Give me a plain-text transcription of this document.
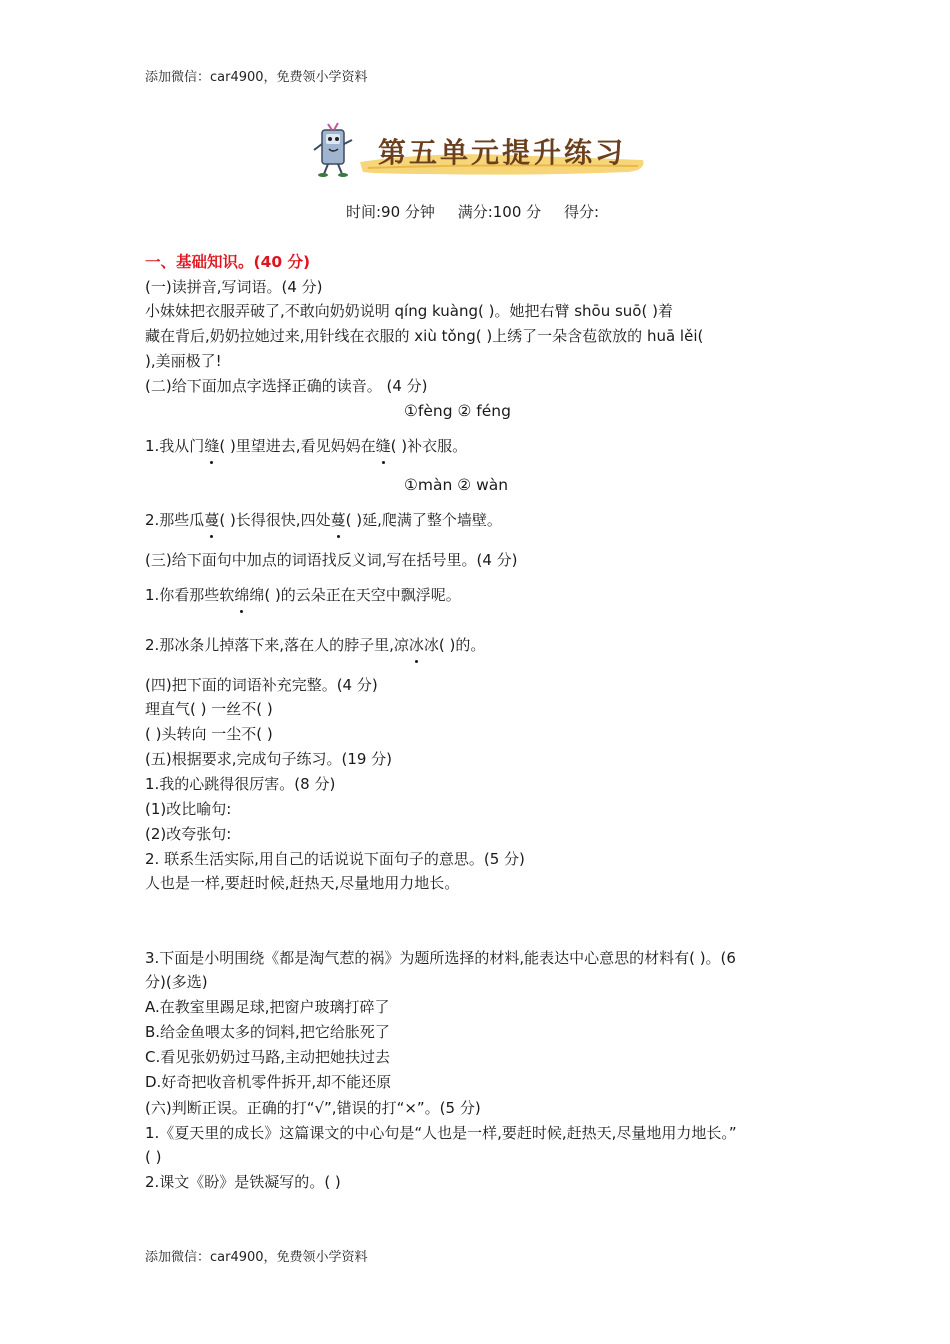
添加微信：car4900，免费领小学资料
第五单元提升练习
时间:90 分钟 满分:100 分 得分:
一、基础知识。(40 分)
(一)读拼音,写词语。(4 分)
小妹妹把衣服弄破了,不敢向奶奶说明 qíng kuàng( )。她把右臂 shōu suō( )着
藏在背后,奶奶拉她过来,用针线在衣服的 xiù tǒng( )上绣了一朵含苞欲放的 huā lěi(
),美丽极了!
(二)给下面加点字选择正确的读音。 (4 分)
①fèng ② féng
1.我从门缝( )里望进去,看见妈妈在缝( )补衣服。
①màn ② wàn
2.那些瓜蔓( )长得很快,四处蔓( )延,爬满了整个墙壁。
(三)给下面句中加点的词语找反义词,写在括号里。(4 分)
1.你看那些软绵绵( )的云朵正在天空中飘浮呢。
2.那冰条儿掉落下来,落在人的脖子里,凉冰冰( )的。
(四)把下面的词语补充完整。(4 分)
理直气( ) 一丝不( )
( )头转向 一尘不( )
(五)根据要求,完成句子练习。(19 分)
1.我的心跳得很厉害。(8 分)
(1)改比喻句:
(2)改夸张句:
2. 联系生活实际,用自己的话说说下面句子的意思。(5 分)
人也是一样,要赶时候,赶热天,尽量地用力地长。
3.下面是小明围绕《都是淘气惹的祸》为题所选择的材料,能表达中心意思的材料有( )。(6
分)(多选)
A.在教室里踢足球,把窗户玻璃打碎了
B.给金鱼喂太多的饲料,把它给胀死了
C.看见张奶奶过马路,主动把她扶过去
D.好奇把收音机零件拆开,却不能还原
(六)判断正误。正确的打“√”,错误的打“×”。(5 分)
1.《夏天里的成长》这篇课文的中心句是“人也是一样,要赶时候,赶热天,尽量地用力地长。”
( )
2.课文《盼》是铁凝写的。( )
添加微信：car4900，免费领小学资料
